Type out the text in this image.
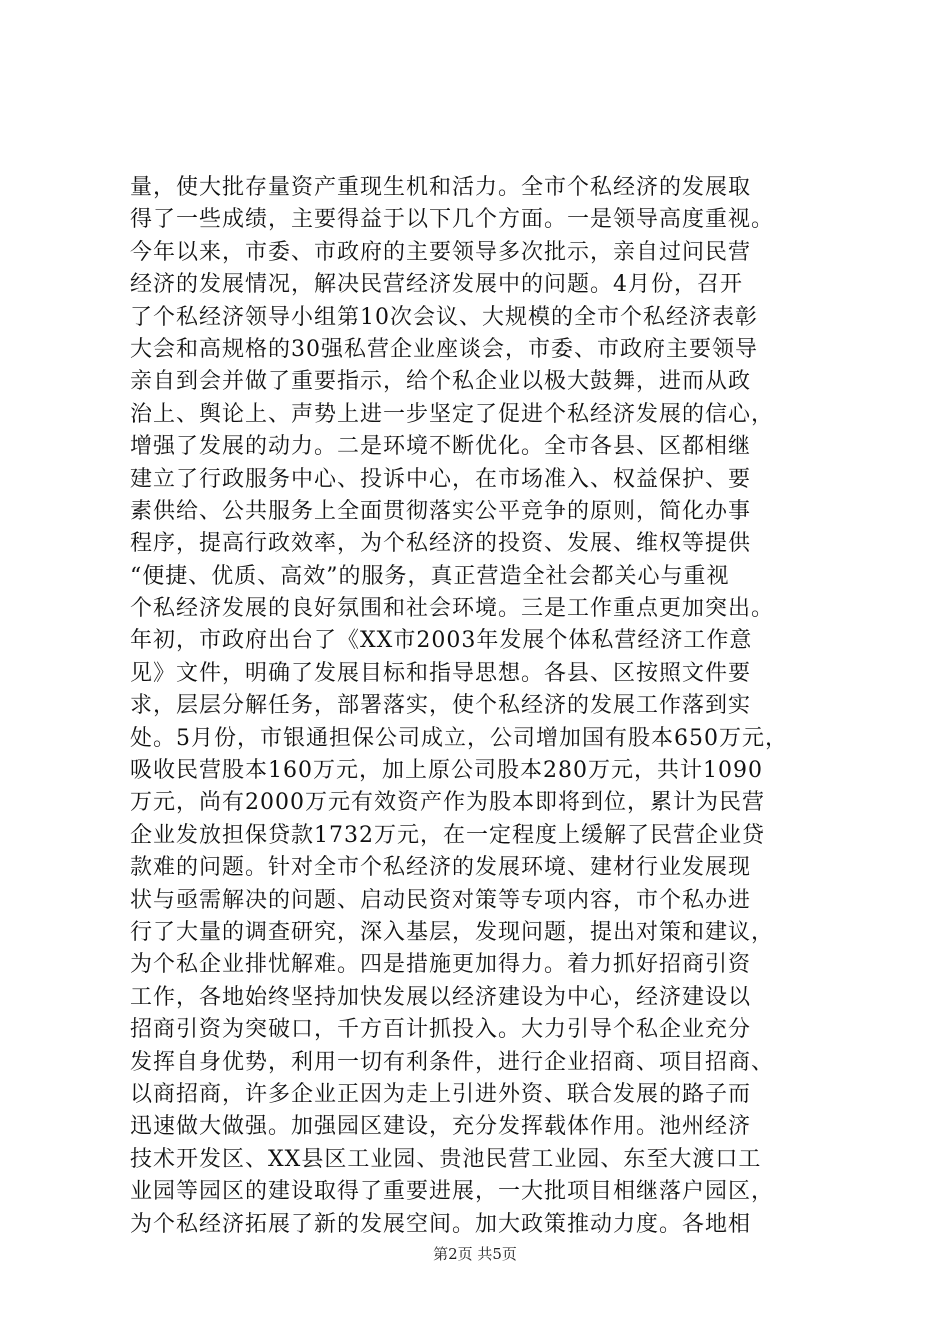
量，使大批存量资产重现生机和活力。全市个私经济的发展取
得了一些成绩，主要得益于以下几个方面。一是领导高度重视。
今年以来，市委、市政府的主要领导多次批示，亲自过问民营
经济的发展情况，解决民营经济发展中的问题。4月份，召开
了个私经济领导小组第10次会议、大规模的全市个私经济表彰
大会和高规格的30强私营企业座谈会，市委、市政府主要领导
亲自到会并做了重要指示，给个私企业以极大鼓舞，进而从政
治上、舆论上、声势上进一步坚定了促进个私经济发展的信心，
增强了发展的动力。二是环境不断优化。全市各县、区都相继
建立了行政服务中心、投诉中心，在市场准入、权益保护、要
素供给、公共服务上全面贯彻落实公平竞争的原则，简化办事
程序，提高行政效率，为个私经济的投资、发展、维权等提供
“便捷、优质、高效”的服务，真正营造全社会都关心与重视
个私经济发展的良好氛围和社会环境。三是工作重点更加突出。
年初，市政府出台了《XX市2003年发展个体私营经济工作意
见》文件，明确了发展目标和指导思想。各县、区按照文件要
求，层层分解任务，部署落实，使个私经济的发展工作落到实
处。5月份，市银通担保公司成立，公司增加国有股本650万元，
吸收民营股本160万元，加上原公司股本280万元，共计1090
万元，尚有2000万元有效资产作为股本即将到位，累计为民营
企业发放担保贷款1732万元，在一定程度上缓解了民营企业贷
款难的问题。针对全市个私经济的发展环境、建材行业发展现
状与亟需解决的问题、启动民资对策等专项内容，市个私办进
行了大量的调查研究，深入基层，发现问题，提出对策和建议，
为个私企业排忧解难。四是措施更加得力。着力抓好招商引资
工作，各地始终坚持加快发展以经济建设为中心，经济建设以
招商引资为突破口，千方百计抓投入。大力引导个私企业充分
发挥自身优势，利用一切有利条件，进行企业招商、项目招商、
以商招商，许多企业正因为走上引进外资、联合发展的路子而
迅速做大做强。加强园区建设，充分发挥载体作用。池州经济
技术开发区、XX县区工业园、贵池民营工业园、东至大渡口工
业园等园区的建设取得了重要进展，一大批项目相继落户园区，
为个私经济拓展了新的发展空间。加大政策推动力度。各地相
第2页 共5页
